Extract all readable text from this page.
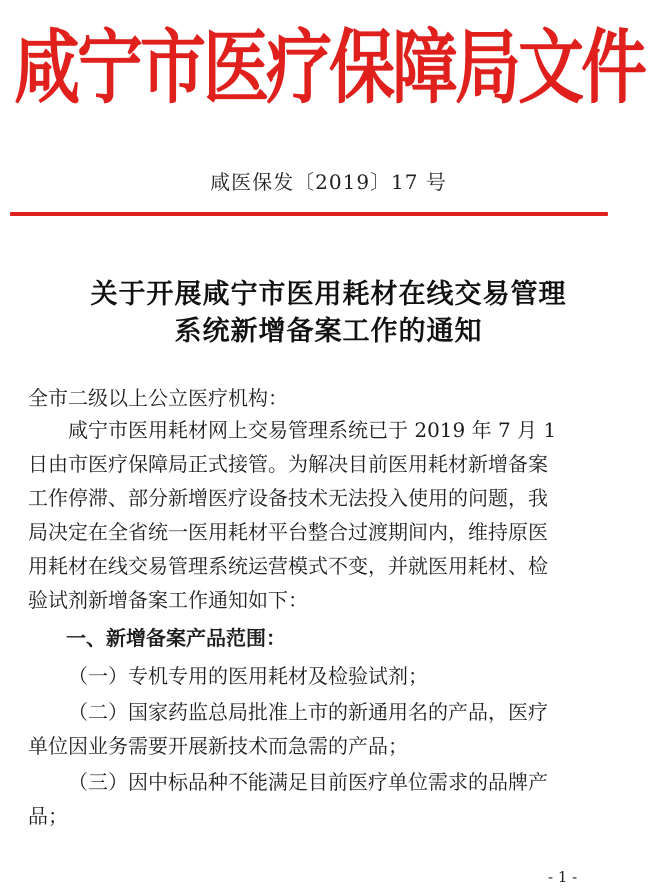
咸宁市医疗保障局文件
咸医保发〔2019〕17 号
关于开展咸宁市医用耗材在线交易管理
系统新增备案工作的通知
全市二级以上公立医疗机构：
咸宁市医用耗材网上交易管理系统已于 2019 年 7 月 1
日由市医疗保障局正式接管。为解决目前医用耗材新增备案
工作停滞、部分新增医疗设备技术无法投入使用的问题，我
局决定在全省统一医用耗材平台整合过渡期间内，维持原医
用耗材在线交易管理系统运营模式不变，并就医用耗材、检
验试剂新增备案工作通知如下：
一、新增备案产品范围：
（一）专机专用的医用耗材及检验试剂；
（二）国家药监总局批准上市的新通用名的产品，医疗
单位因业务需要开展新技术而急需的产品；
（三）因中标品种不能满足目前医疗单位需求的品牌产
品；
- 1 -
